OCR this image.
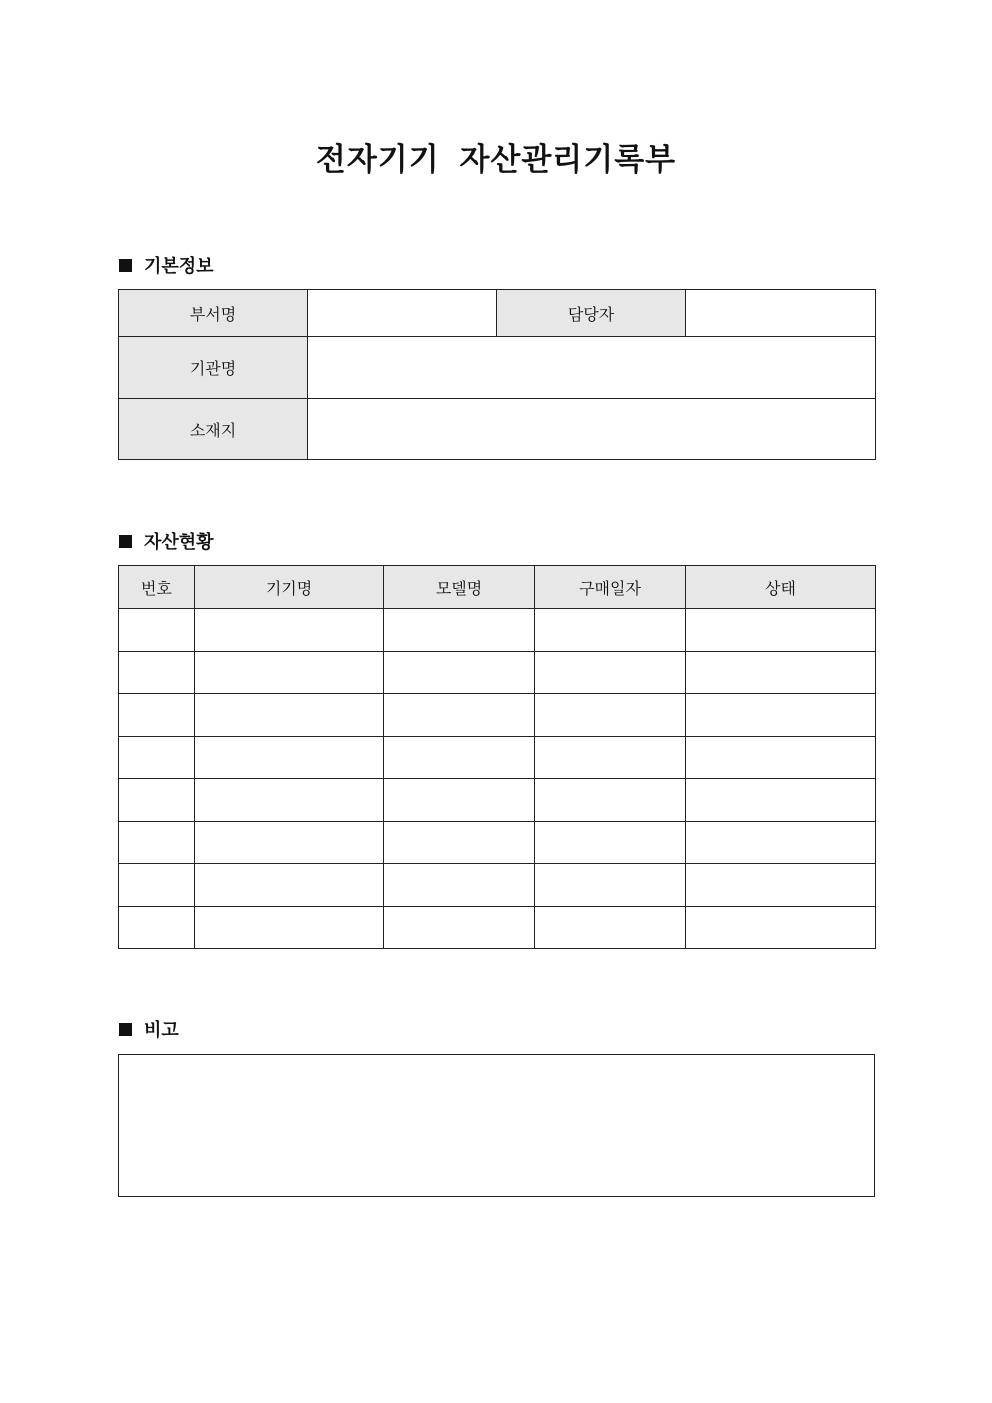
전자기기 자산관리기록부
기본정보
부서명		담당자	
기관명			
소재지			
자산현황
번호	기기명	모델명	구매일자	상태

비고
